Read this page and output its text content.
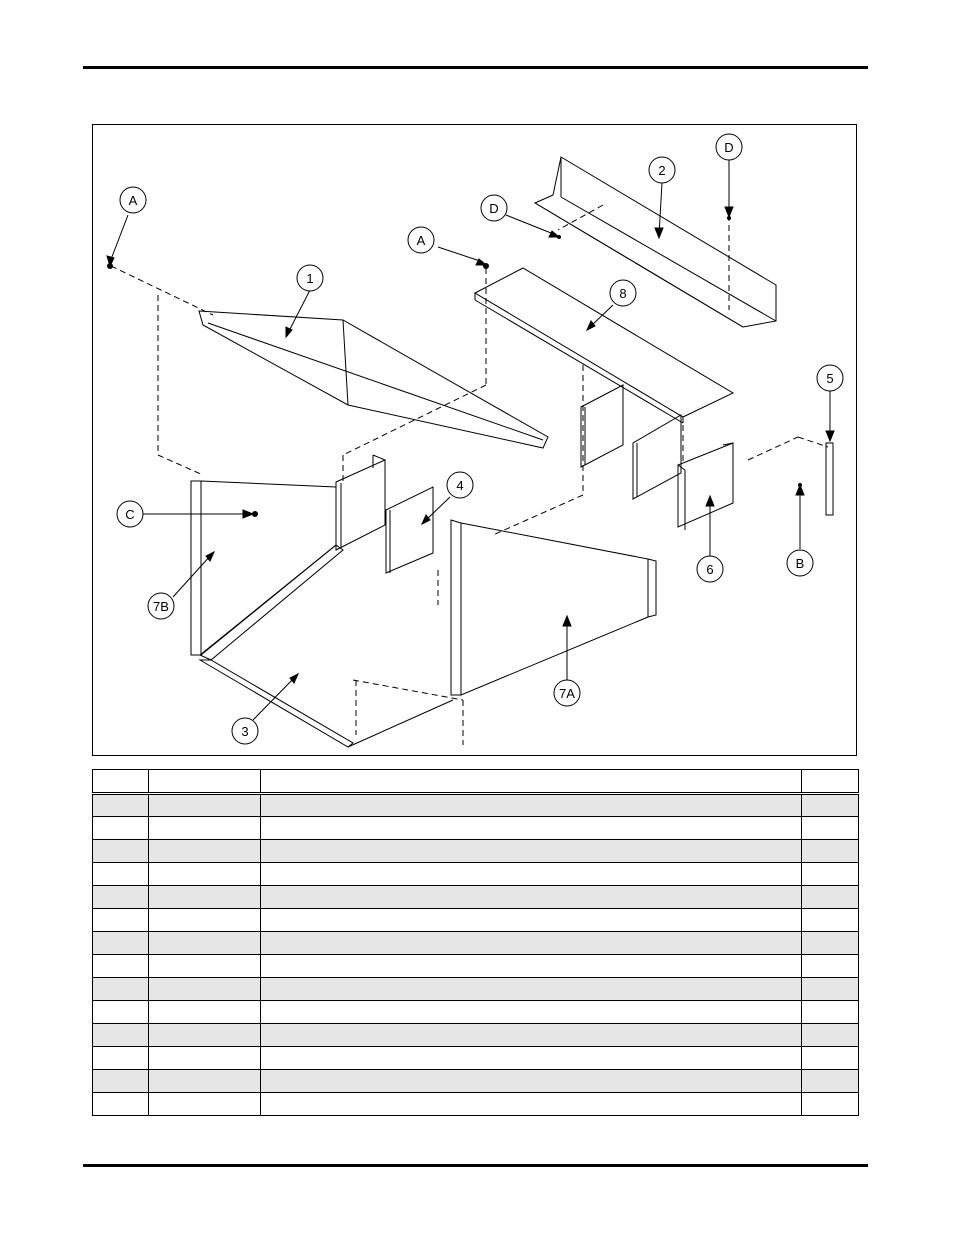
A
A
D
D
2
1
8
5
4
C
6	B
7B
7A
3
